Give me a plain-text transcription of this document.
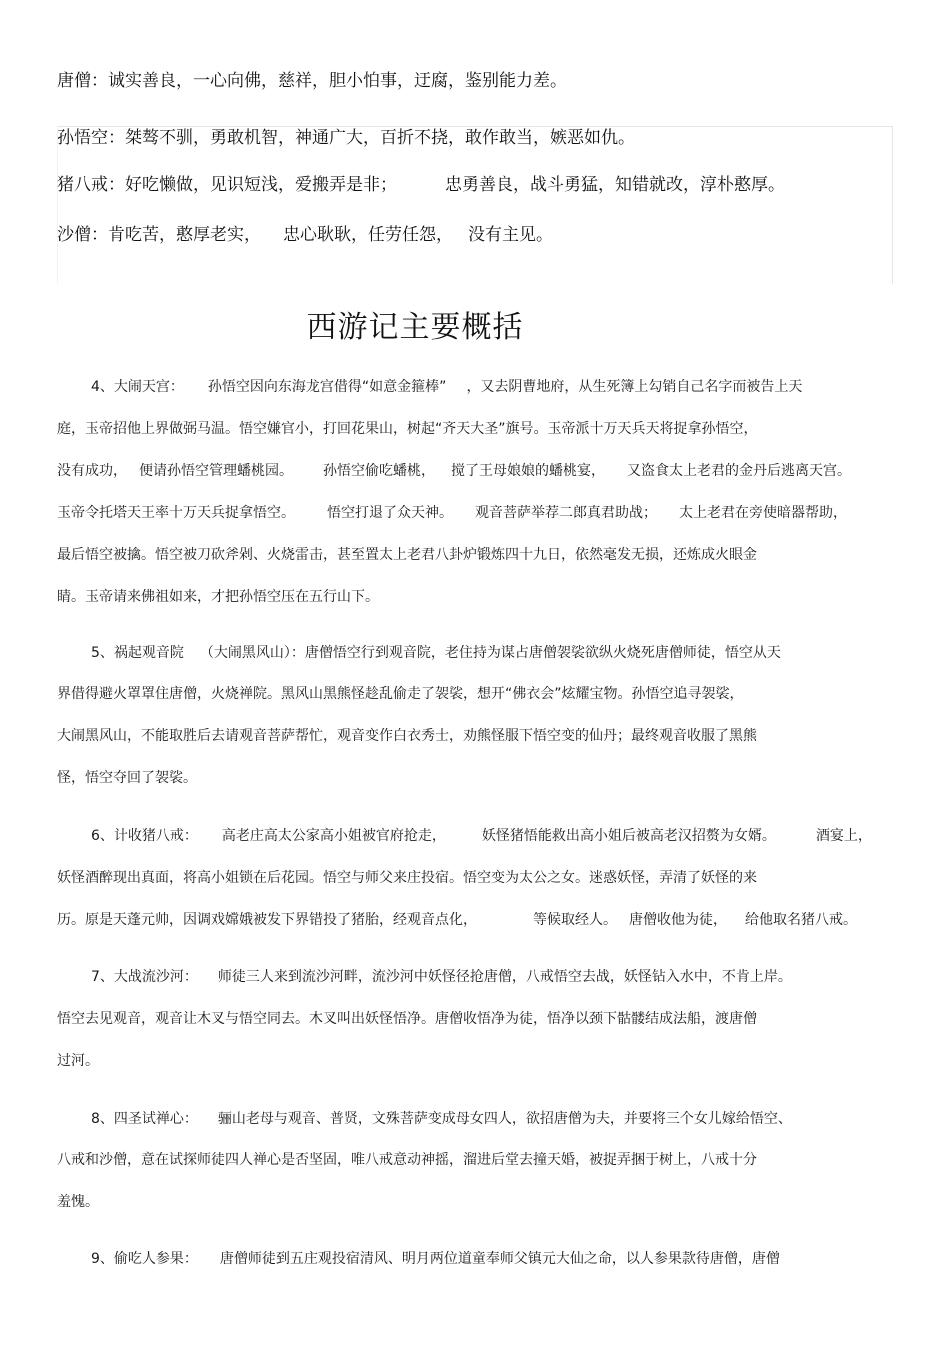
唐僧：诚实善良，一心向佛，慈祥，胆小怕事，迂腐，鉴别能力差。
孙悟空：桀骜不驯，勇敢机智，神通广大，百折不挠，敢作敢当，嫉恶如仇。
猪八戒：好吃懒做，见识短浅，爱搬弄是非；	忠勇善良，战斗勇猛，知错就改，淳朴憨厚。
沙僧：肯吃苦，憨厚老实， 忠心耿耿，任劳任怨， 没有主见。
西游记主要概括
4、大闹天宫： 孙悟空因向东海龙宫借得“如意金箍棒” ，又去阴曹地府，从生死簿上勾销自己名字而被告上天
庭，玉帝招他上界做弼马温。悟空嫌官小，打回花果山，树起“齐天大圣”旗号。玉帝派十万天兵天将捉拿孙悟空，
没有成功， 便请孙悟空管理蟠桃园。 孙悟空偷吃蟠桃， 搅了王母娘娘的蟠桃宴， 又盗食太上老君的金丹后逃离天宫。
玉帝令托塔天王率十万天兵捉拿悟空。 悟空打退了众天神。 观音菩萨举荐二郎真君助战； 太上老君在旁使暗器帮助，
最后悟空被擒。悟空被刀砍斧剁、火烧雷击，甚至置太上老君八卦炉锻炼四十九日，依然毫发无损，还炼成火眼金
睛。玉帝请来佛祖如来，才把孙悟空压在五行山下。
5、祸起观音院 （大闹黑风山）：唐僧悟空行到观音院，老住持为谋占唐僧袈裟欲纵火烧死唐僧师徒，悟空从天
界借得避火罩罩住唐僧，火烧禅院。黑风山黑熊怪趁乱偷走了袈裟，想开“佛衣会”炫耀宝物。孙悟空追寻袈裟，
大闹黑风山，不能取胜后去请观音菩萨帮忙，观音变作白衣秀士，劝熊怪服下悟空变的仙丹；最终观音收服了黑熊
怪，悟空夺回了袈裟。
6、计收猪八戒： 高老庄高太公家高小姐被官府抢走，	妖怪猪悟能救出高小姐后被高老汉招赘为女婿。	酒宴上，
妖怪酒醉现出真面，将高小姐锁在后花园。悟空与师父来庄投宿。悟空变为太公之女。迷惑妖怪，弄清了妖怪的来
历。原是天蓬元帅，因调戏嫦娥被发下界错投了猪胎，经观音点化，	等候取经人。 唐僧收他为徒， 给他取名猪八戒。
7、大战流沙河： 师徒三人来到流沙河畔，流沙河中妖怪径抢唐僧，八戒悟空去战，妖怪钻入水中，不肯上岸。
悟空去见观音，观音让木叉与悟空同去。木叉叫出妖怪悟净。唐僧收悟净为徒，悟净以颈下骷髅结成法船，渡唐僧
过河。
8、四圣试禅心： 骊山老母与观音、普贤，文殊菩萨变成母女四人，欲招唐僧为夫，并要将三个女儿嫁给悟空、
八戒和沙僧，意在试探师徒四人禅心是否坚固，唯八戒意动神摇，溜进后堂去撞天婚，被捉弄捆于树上，八戒十分
羞愧。
9、偷吃人参果： 唐僧师徒到五庄观投宿清风、明月两位道童奉师父镇元大仙之命，以人参果款待唐僧，唐僧
